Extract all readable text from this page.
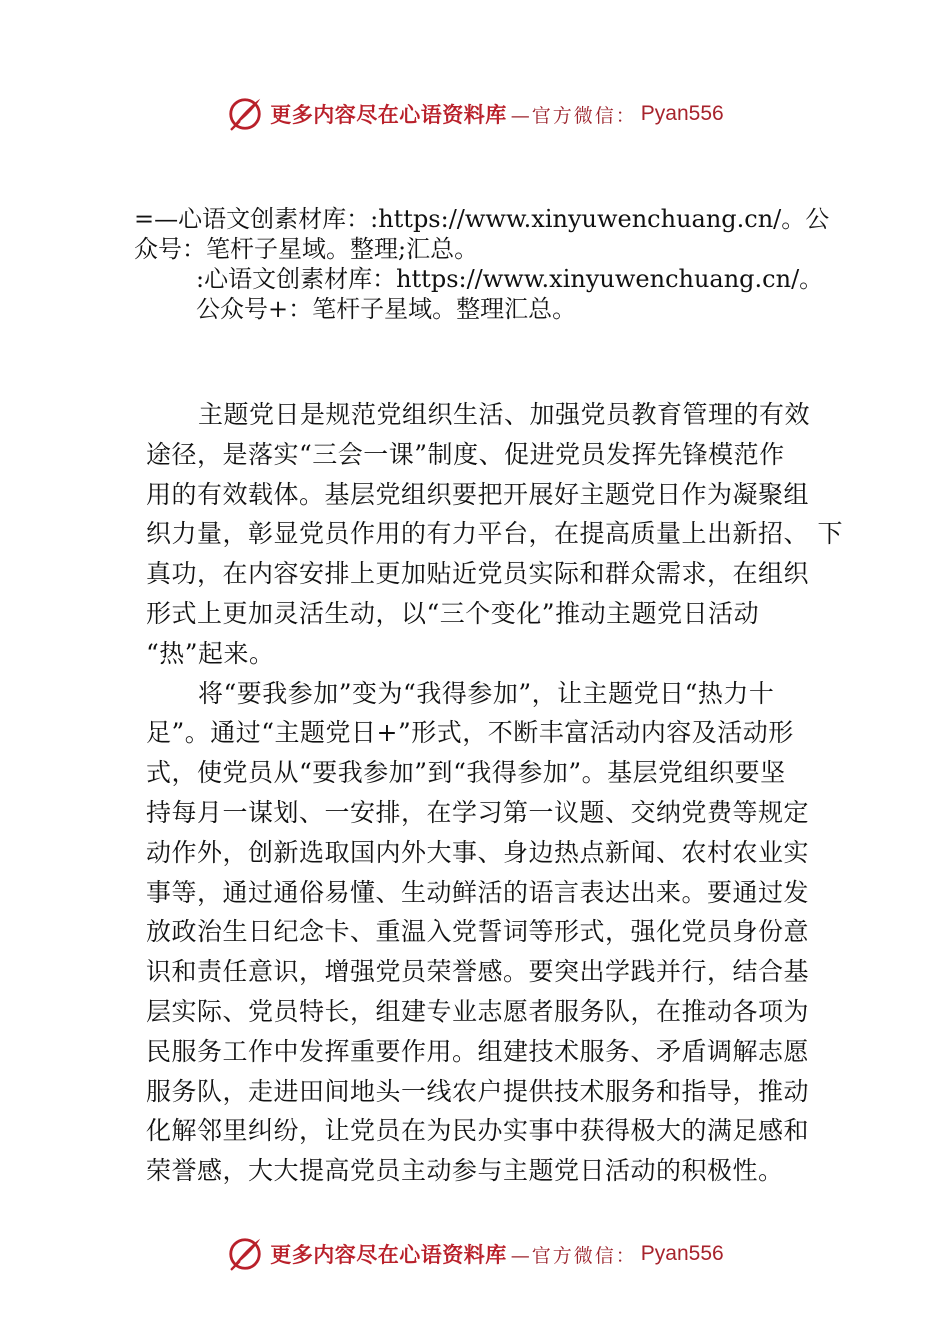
更多内容尽在心语资料库 —官方微信： Pyan556
=—心语文创素材库：:https://www.xinyuwenchuang.cn/。公
众号：笔杆子星域。整理;汇总。
:心语文创素材库：https://www.xinyuwenchuang.cn/。
公众号+：笔杆子星域。整理汇总。
主题党日是规范党组织生活、加强党员教育管理的有效
途径，是落实“三会一课”制度、促进党员发挥先锋模范作
用的有效载体。基层党组织要把开展好主题党日作为凝聚组
织力量，彰显党员作用的有力平台，在提高质量上出新招、 下
真功，在内容安排上更加贴近党员实际和群众需求，在组织
形式上更加灵活生动，以“三个变化”推动主题党日活动
“热”起来。
将“要我参加”变为“我得参加”，让主题党日“热力十
足”。通过“主题党日+”形式，不断丰富活动内容及活动形
式，使党员从“要我参加”到“我得参加”。基层党组织要坚
持每月一谋划、一安排，在学习第一议题、交纳党费等规定
动作外，创新选取国内外大事、身边热点新闻、农村农业实
事等，通过通俗易懂、生动鲜活的语言表达出来。要通过发
放政治生日纪念卡、重温入党誓词等形式，强化党员身份意
识和责任意识，增强党员荣誉感。要突出学践并行，结合基
层实际、党员特长，组建专业志愿者服务队，在推动各项为
民服务工作中发挥重要作用。组建技术服务、矛盾调解志愿
服务队，走进田间地头一线农户提供技术服务和指导，推动
化解邻里纠纷，让党员在为民办实事中获得极大的满足感和
荣誉感，大大提高党员主动参与主题党日活动的积极性。
更多内容尽在心语资料库 —官方微信： Pyan556
